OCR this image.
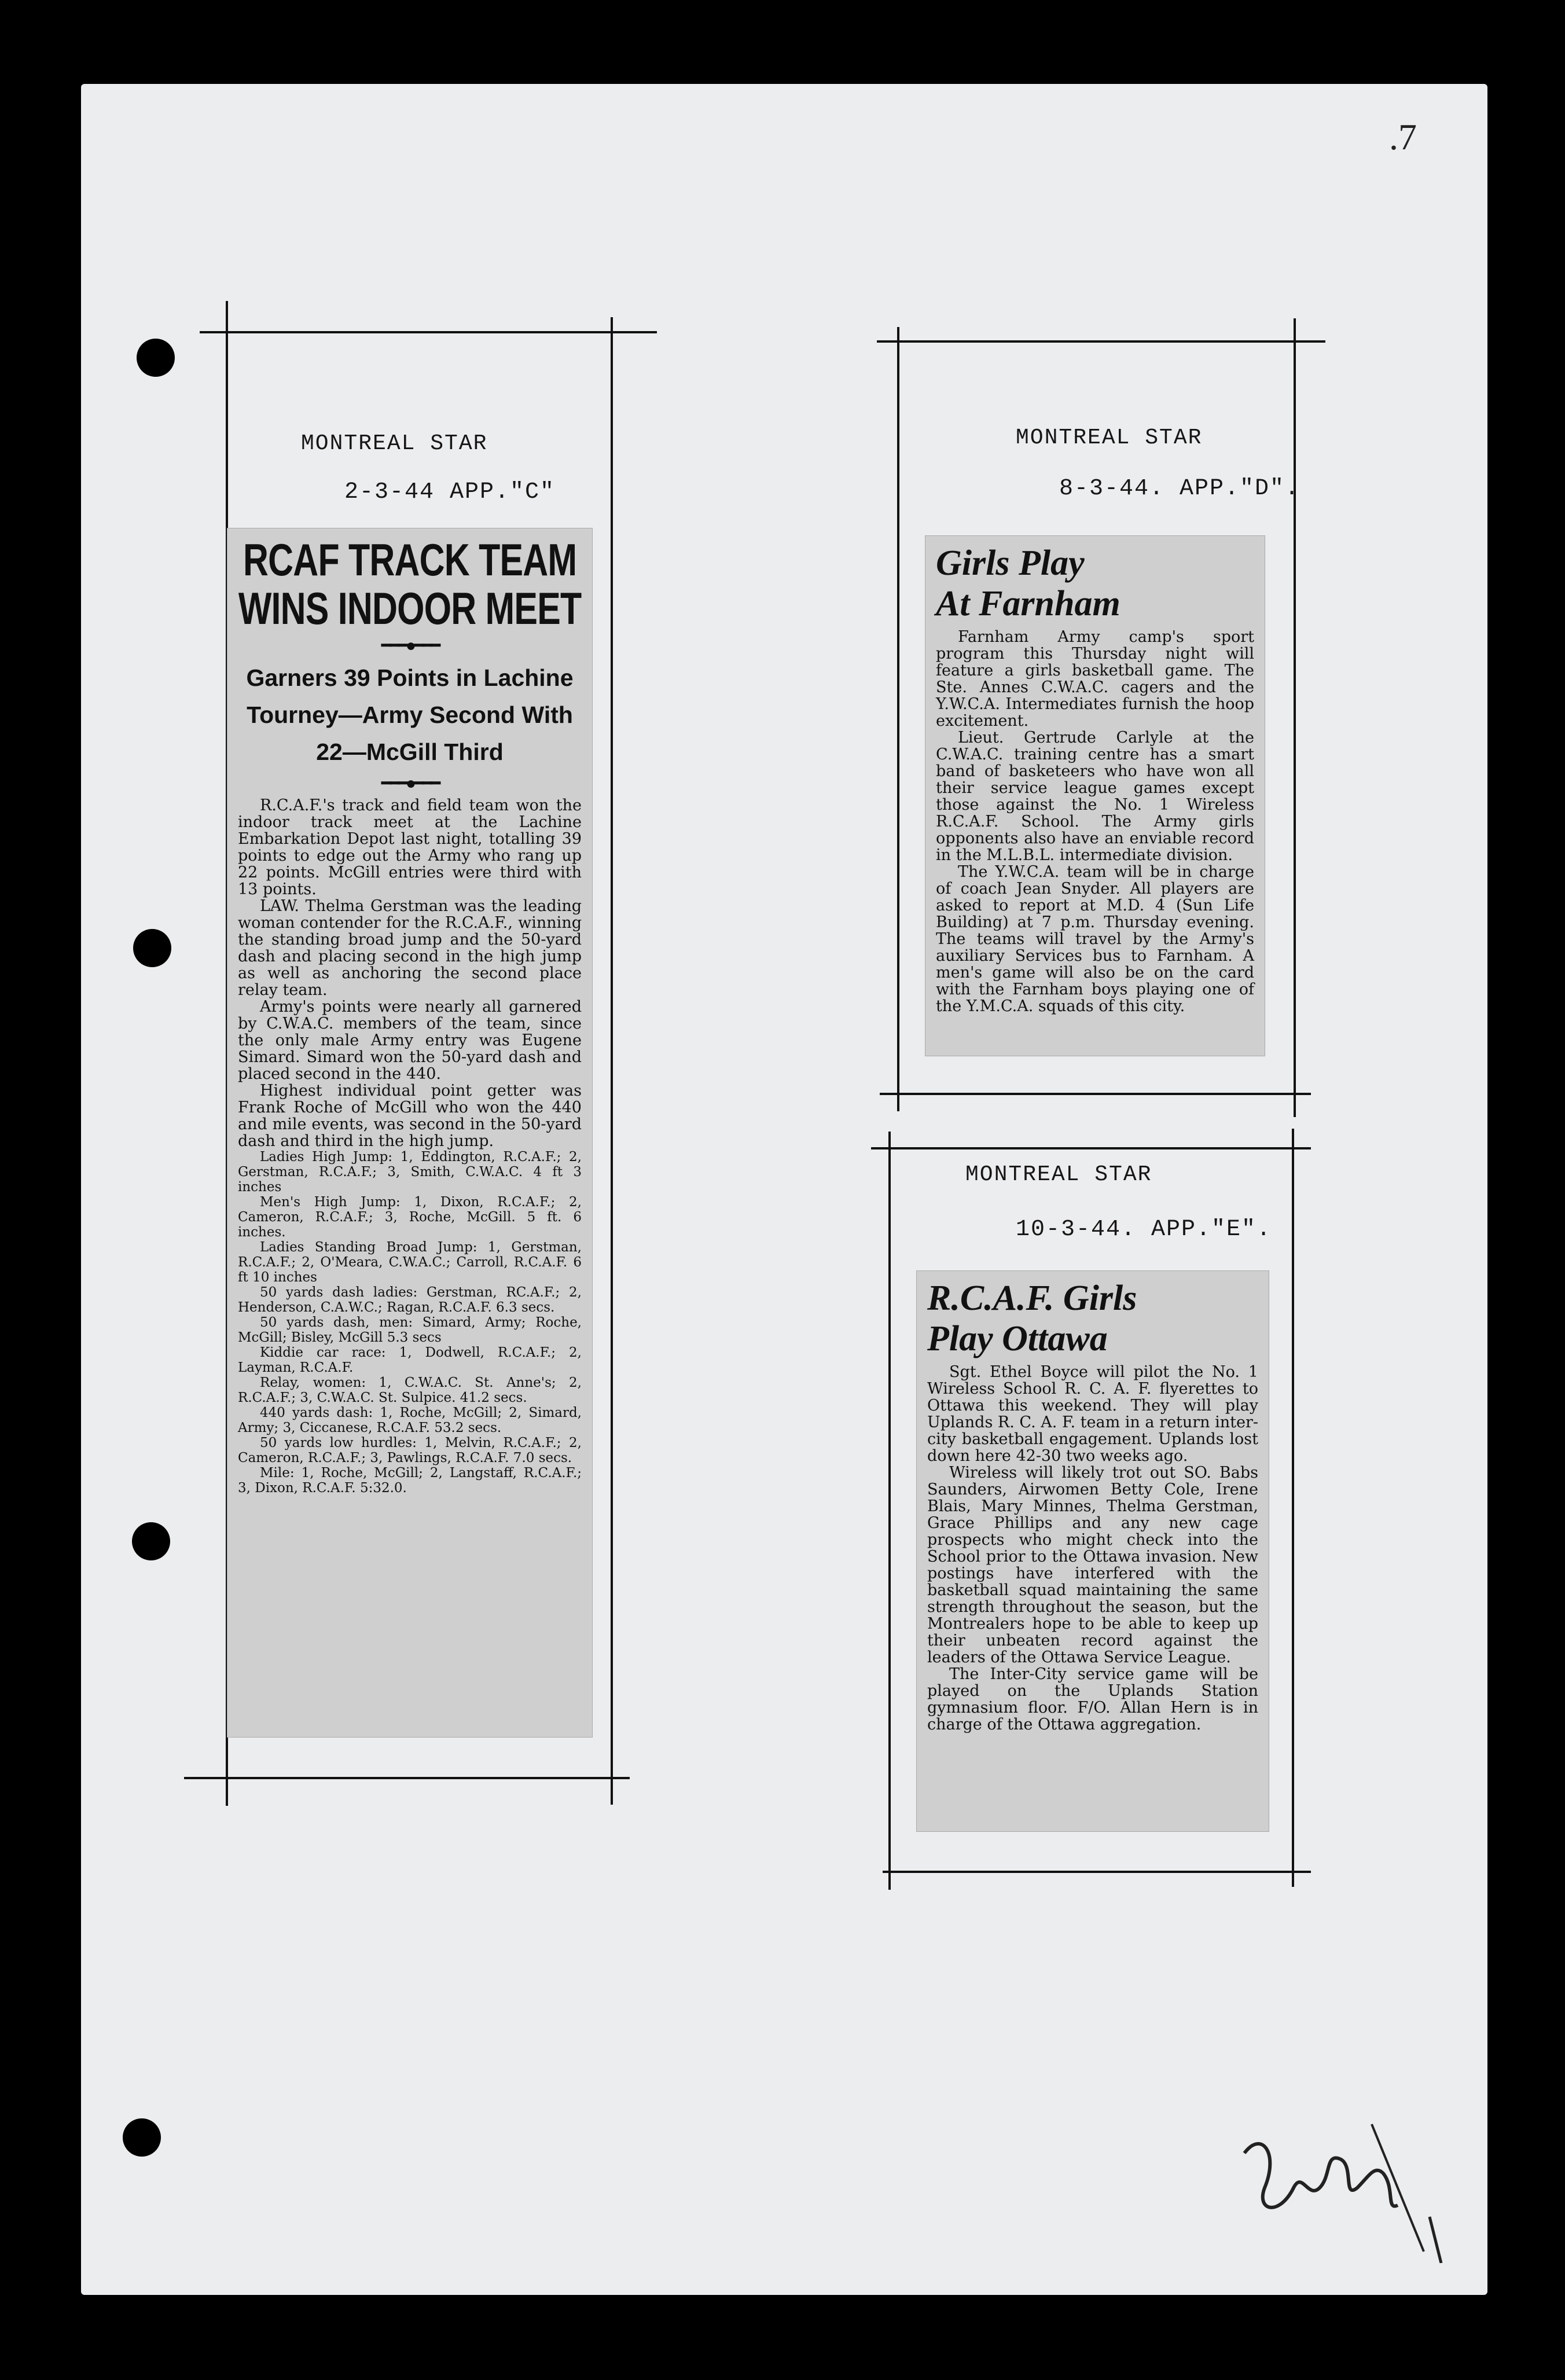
.7
MONTREAL STAR
2-3-44 APP."C"
RCAF TRACK TEAM
WINS INDOOR MEET
━━━●━━━
Garners 39 Points in Lachine
Tourney—Army Second With
22—McGill Third
━━━●━━━

R.C.A.F.'s track and field team won the indoor track meet at the Lachine Embarkation Depot last night, totalling 39 points to edge out the Army who rang up 22 points. McGill entries were third with 13 points.

LAW. Thelma Gerstman was the leading woman contender for the R.C.A.F., winning the standing broad jump and the 50-yard dash and placing second in the high jump as well as anchoring the second place relay team.

Army's points were nearly all garnered by C.W.A.C. members of the team, since the only male Army entry was Eugene Simard. Simard won the 50-yard dash and placed second in the 440.

Highest individual point getter was Frank Roche of McGill who won the 440 and mile events, was second in the 50-yard dash and third in the high jump.

Ladies High Jump: 1, Eddington, R.C.A.F.; 2, Gerstman, R.C.A.F.; 3, Smith, C.W.A.C. 4 ft 3 inches

Men's High Jump: 1, Dixon, R.C.A.F.; 2, Cameron, R.C.A.F.; 3, Roche, McGill. 5 ft. 6 inches.

Ladies Standing Broad Jump: 1, Gerstman, R.C.A.F.; 2, O'Meara, C.W.A.C.; Carroll, R.C.A.F. 6 ft 10 inches

50 yards dash ladies: Gerstman, RC.A.F.; 2, Henderson, C.A.W.C.; Ragan, R.C.A.F. 6.3 secs.

50 yards dash, men: Simard, Army; Roche, McGill; Bisley, McGill 5.3 secs

Kiddie car race: 1, Dodwell, R.C.A.F.; 2, Layman, R.C.A.F.

Relay, women: 1, C.W.A.C. St. Anne's; 2, R.C.A.F.; 3, C.W.A.C. St. Sulpice. 41.2 secs.

440 yards dash: 1, Roche, McGill; 2, Simard, Army; 3, Ciccanese, R.C.A.F. 53.2 secs.

50 yards low hurdles: 1, Melvin, R.C.A.F.; 2, Cameron, R.C.A.F.; 3, Pawlings, R.C.A.F. 7.0 secs.

Mile: 1, Roche, McGill; 2, Langstaff, R.C.A.F.; 3, Dixon, R.C.A.F. 5:32.0.

MONTREAL STAR
8-3-44. APP."D".
Girls Play
At Farnham

Farnham Army camp's sport program this Thursday night will feature a girls basketball game. The Ste. Annes C.W.A.C. cagers and the Y.W.C.A. Intermediates furnish the hoop excitement.

Lieut. Gertrude Carlyle at the C.W.A.C. training centre has a smart band of basketeers who have won all their service league games except those against the No. 1 Wireless R.C.A.F. School. The Army girls opponents also have an enviable record in the M.L.B.L. intermediate division.

The Y.W.C.A. team will be in charge of coach Jean Snyder. All players are asked to report at M.D. 4 (Sun Life Building) at 7 p.m. Thursday evening. The teams will travel by the Army's auxiliary Services bus to Farnham. A men's game will also be on the card with the Farnham boys playing one of the Y.M.C.A. squads of this city.

MONTREAL STAR
10-3-44. APP."E".
R.C.A.F. Girls
Play Ottawa

Sgt. Ethel Boyce will pilot the No. 1 Wireless School R. C. A. F. flyerettes to Ottawa this weekend. They will play Uplands R. C. A. F. team in a return inter-city basketball engagement. Uplands lost down here 42-30 two weeks ago.

Wireless will likely trot out SO. Babs Saunders, Airwomen Betty Cole, Irene Blais, Mary Minnes, Thelma Gerstman, Grace Phillips and any new cage prospects who might check into the School prior to the Ottawa invasion. New postings have interfered with the basketball squad maintaining the same strength throughout the season, but the Montrealers hope to be able to keep up their unbeaten record against the leaders of the Ottawa Service League.

The Inter-City service game will be played on the Uplands Station gymnasium floor. F/O. Allan Hern is in charge of the Ottawa aggregation.
